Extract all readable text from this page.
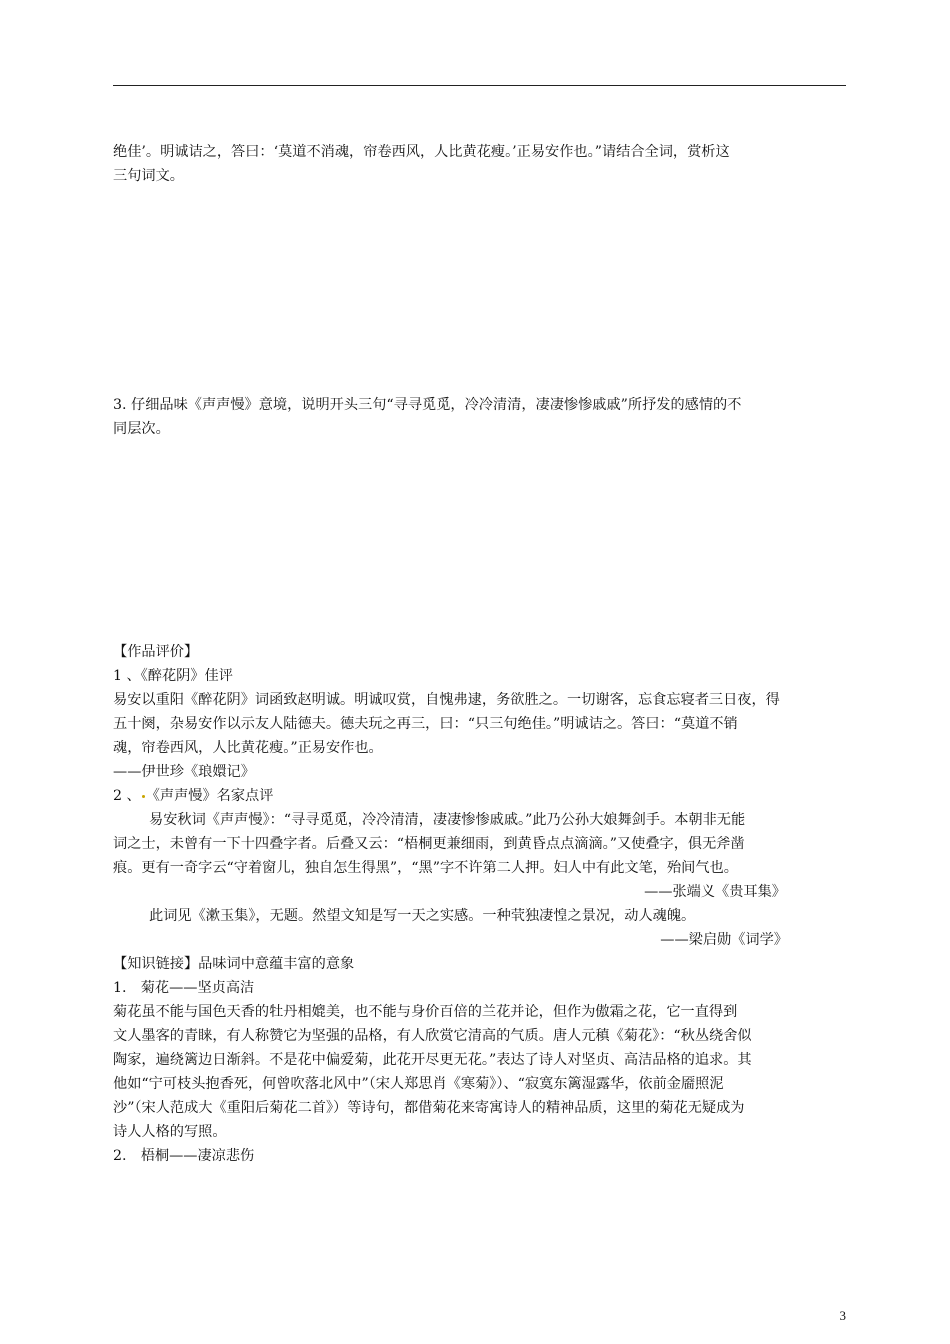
绝佳’。明诚诘之，答曰：‘莫道不消魂，帘卷西风，人比黄花瘦。’正易安作也。”请结合全词，赏析这

三句词文。

3. 仔细品味《声声慢》意境，说明开头三句“寻寻觅觅，冷冷清清，凄凄惨惨戚戚”所抒发的感情的不

同层次。

【作品评价】

1 、《醉花阴》佳评

易安以重阳《醉花阴》词函致赵明诚。明诚叹赏，自愧弗逮，务欲胜之。一切谢客，忘食忘寝者三日夜，得

五十阕，杂易安作以示友人陆德夫。德夫玩之再三，曰：“只三句绝佳。”明诚诘之。答曰：“莫道不销

魂，帘卷西风，人比黄花瘦。”正易安作也。

——伊世珍《琅嬛记》

2 、 《声声慢》名家点评

易安秋词《声声慢》：“寻寻觅觅，冷冷清清，凄凄惨惨戚戚。”此乃公孙大娘舞剑手。本朝非无能

词之士，未曾有一下十四叠字者。后叠又云：“梧桐更兼细雨，到黄昏点点滴滴。”又使叠字，俱无斧凿

痕。更有一奇字云“守着窗儿，独自怎生得黑”，“黑”字不许第二人押。妇人中有此文笔，殆间气也。

——张端义《贵耳集》

此词见《漱玉集》，无题。然望文知是写一天之实感。一种茕独凄惶之景况，动人魂魄。

——梁启勋《词学》

【知识链接】品味词中意蕴丰富的意象

1.　菊花——坚贞高洁

菊花虽不能与国色天香的牡丹相媲美，也不能与身价百倍的兰花并论，但作为傲霜之花，它一直得到

文人墨客的青睐，有人称赞它为坚强的品格，有人欣赏它清高的气质。唐人元稹《菊花》：“秋丛绕舍似

陶家，遍绕篱边日渐斜。不是花中偏爱菊，此花开尽更无花。”表达了诗人对坚贞、高洁品格的追求。其

他如“宁可枝头抱香死，何曾吹落北风中”（宋人郑思肖《寒菊》）、“寂寞东篱湿露华，依前金靥照泥

沙”（宋人范成大《重阳后菊花二首》）等诗句，都借菊花来寄寓诗人的精神品质，这里的菊花无疑成为

诗人人格的写照。

2.　梧桐——凄凉悲伤

3
